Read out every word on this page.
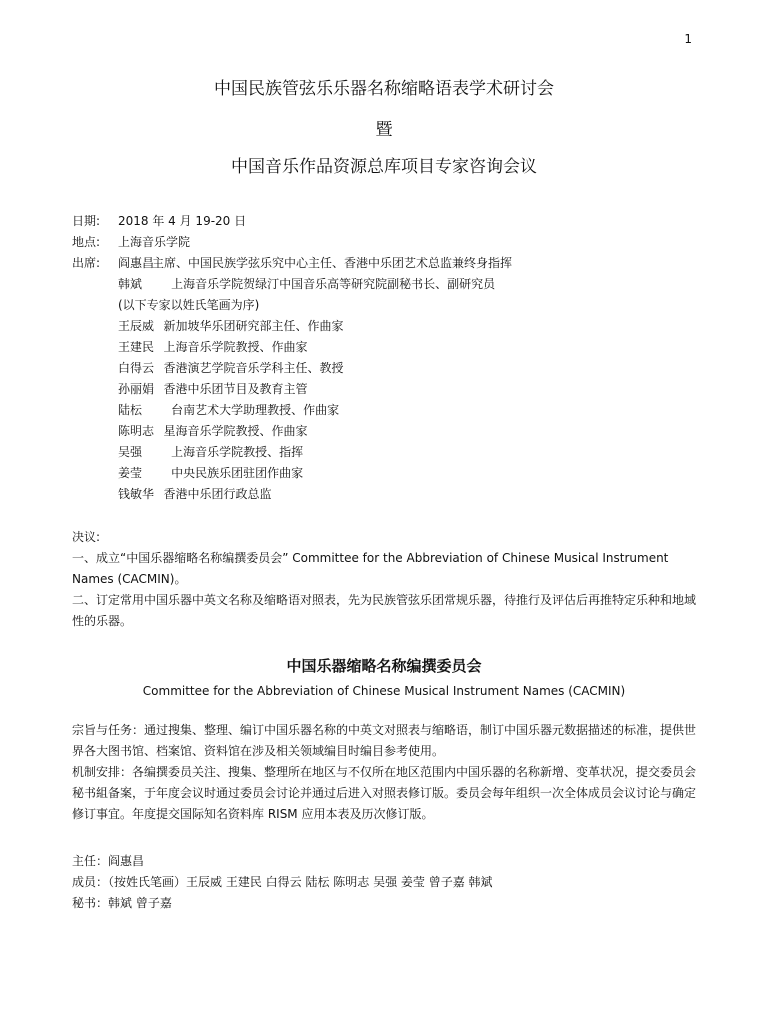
1
中国民族管弦乐乐器名称缩略语表学术研讨会
暨
中国音乐作品资源总库项目专家咨询会议
日期:	2018 年 4 月 19-20 日
地点:	上海音乐学院
出席:	阎惠昌主席、中国民族学弦乐究中心主任、香港中乐团艺术总监兼终身指挥
韩斌 上海音乐学院贺绿汀中国音乐高等研究院副秘书长、副研究员
(以下专家以姓氏笔画为序)
王辰威 新加坡华乐团研究部主任、作曲家
王建民 上海音乐学院教授、作曲家
白得云 香港演艺学院音乐学科主任、教授
孙丽娟 香港中乐团节目及教育主管
陆枟 台南艺术大学助理教授、作曲家
陈明志 星海音乐学院教授、作曲家
吴强 上海音乐学院教授、指挥
姜莹 中央民族乐团驻团作曲家
钱敏华 香港中乐团行政总监

决议:

一、成立“中国乐器缩略名称编撰委员会” Committee for the Abbreviation of Chinese Musical Instrument Names (CACMIN)。

二、订定常用中国乐器中英文名称及缩略语对照表，先为民族管弦乐团常规乐器，待推行及评估后再推特定乐种和地域性的乐器。

中国乐器缩略名称编撰委员会
Committee for the Abbreviation of Chinese Musical Instrument Names (CACMIN)

宗旨与任务：通过搜集、整理、编订中国乐器名称的中英文对照表与缩略语，制订中国乐器元数据描述的标准，提供世界各大图书馆、档案馆、资料馆在涉及相关领域编目时编目参考使用。

机制安排：各编撰委员关注、搜集、整理所在地区与不仅所在地区范围内中国乐器的名称新增、变革状况，提交委员会秘书組备案，于年度会议时通过委员会讨论并通过后进入对照表修订版。委员会每年组织一次全体成员会议讨论与确定修订事宜。年度提交国际知名资料库 RISM 应用本表及历次修订版。

主任：阎惠昌

成员：（按姓氏笔画）王辰威 王建民 白得云 陆枟 陈明志 吴强 姜莹 曾子嘉 韩斌

秘书：韩斌 曾子嘉
